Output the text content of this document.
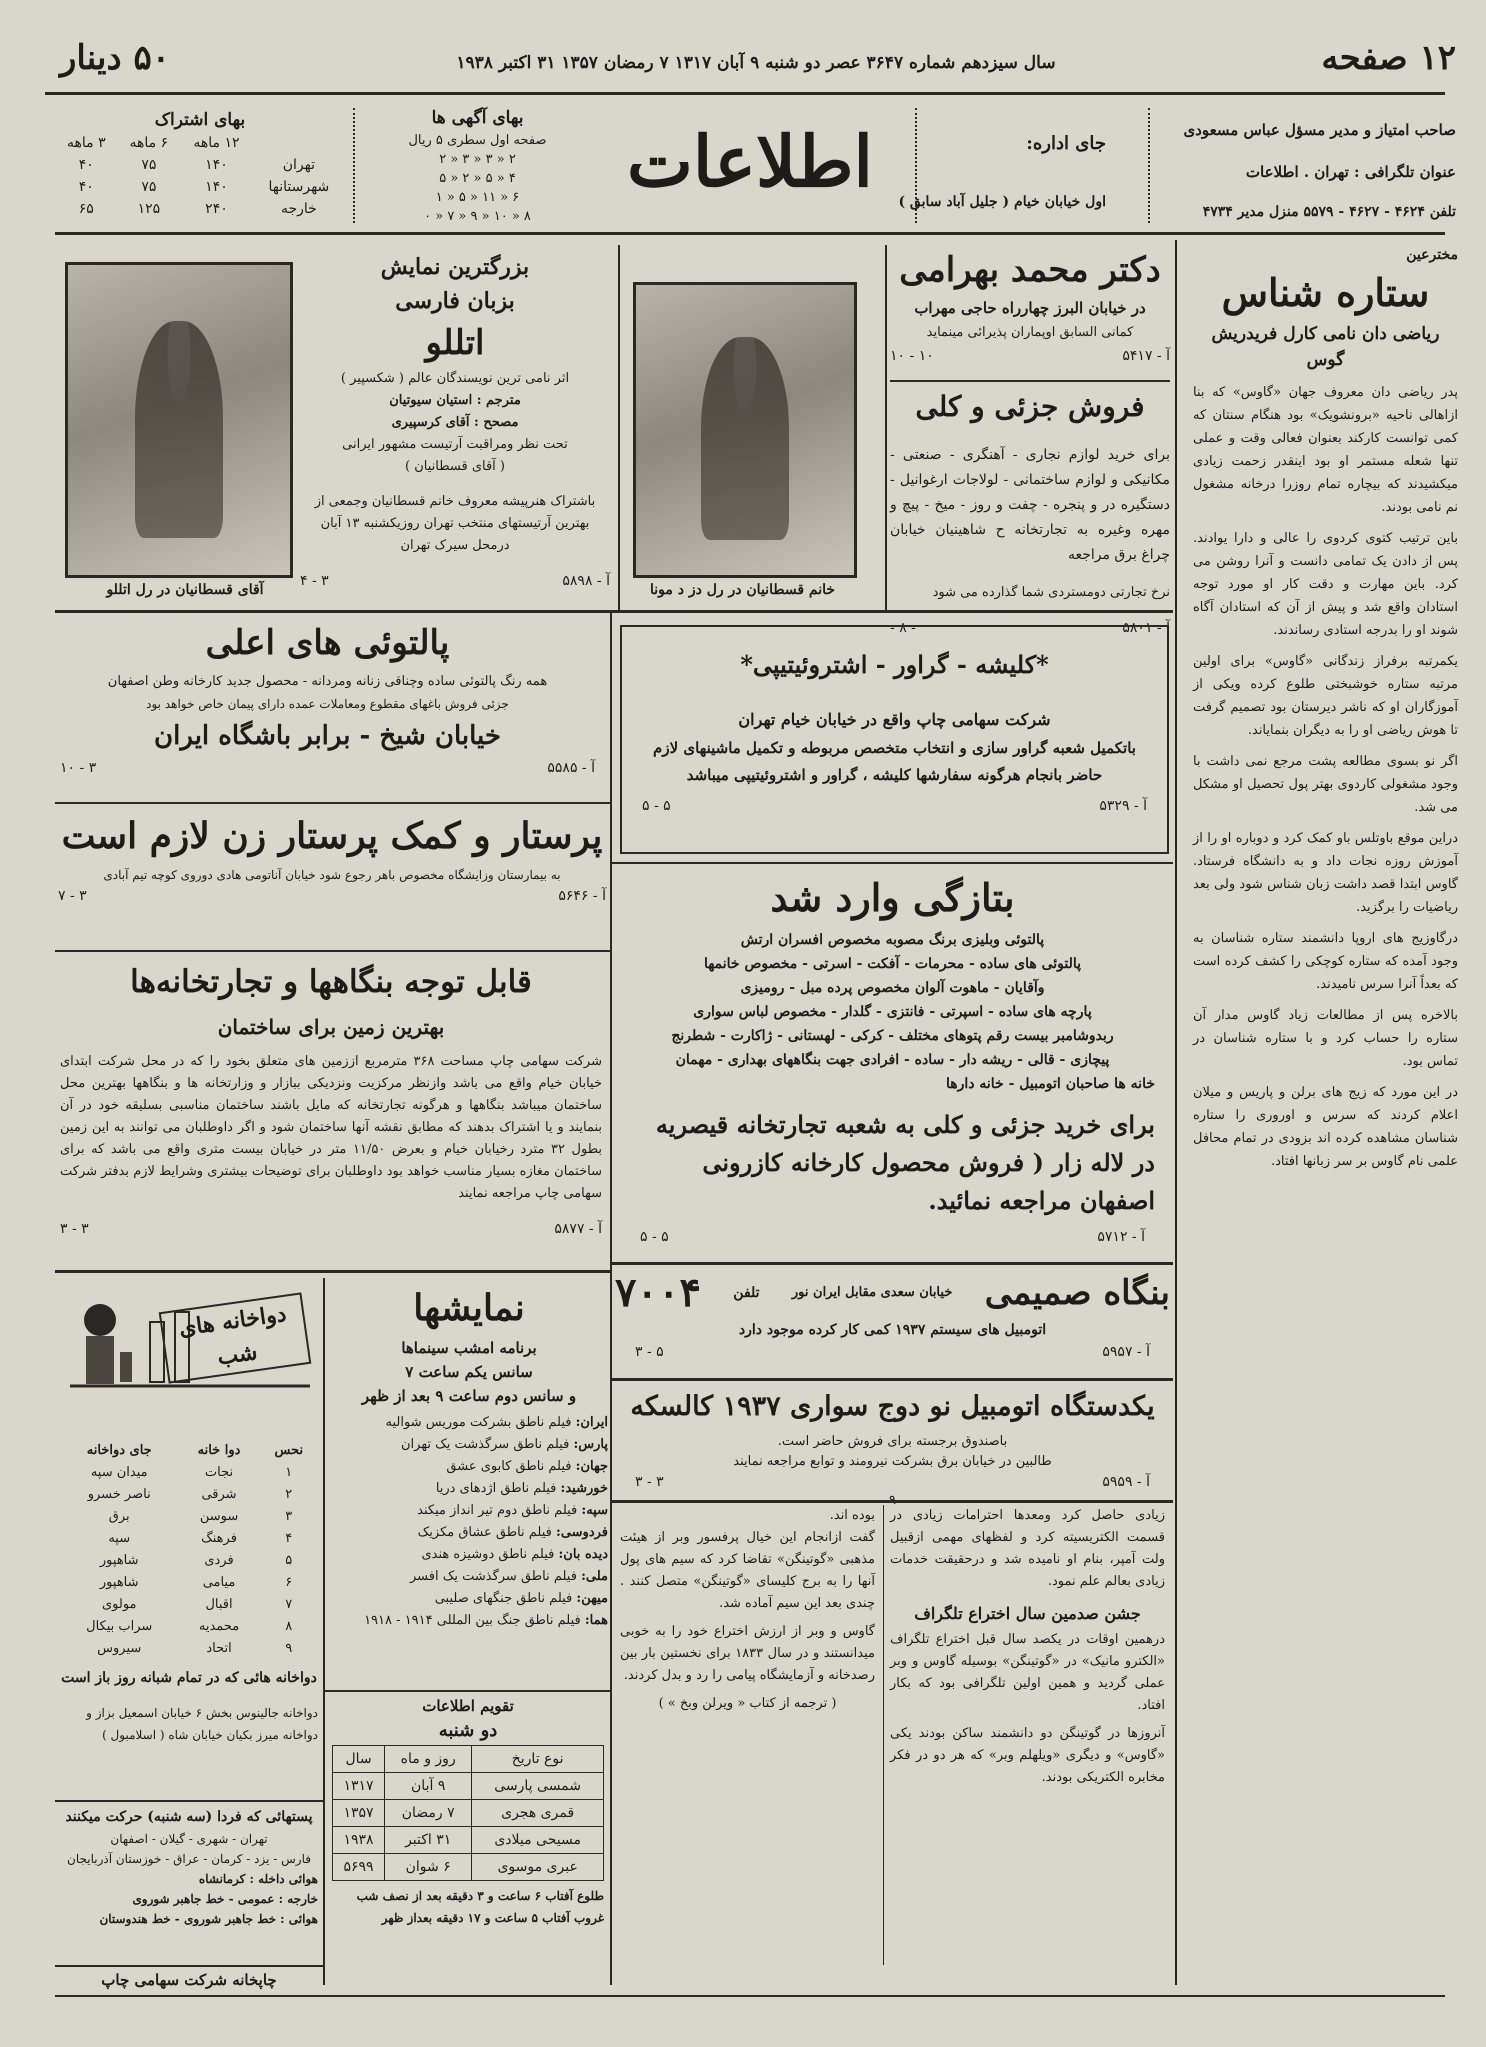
۱۲ صفحه
سال سیزدهم شماره ۳۶۴۷ عصر دو شنبه ۹ آبان ۱۳۱۷ ۷ رمضان ۱۳۵۷ ۳۱ اکتبر ۱۹۳۸
۵۰ دینار
صاحب امتیاز و مدیر مسؤل عباس مسعودی
عنوان تلگرافی : تهران . اطلاعات
تلفن ۴۶۲۴ - ۴۶۲۷ - ۵۵۷۹ منزل مدیر ۴۷۳۴
جای اداره:
اول خیابان خیام ( جلیل آباد سابق )
اطلاعات
بهای آگهی ها
صفحه اول سطری ۵ ریال
۲ « ۳ « ۳ « ۲
۴ « ۵ « ۲ « ۵
۶ « ۱۱ « ۵ « ۱
۸ « ۱۰ « ۹ « ۷ « ۰
بهای اشتراک
	۱۲ ماهه	۶ ماهه	۳ ماهه
تهران	۱۴۰	۷۵	۴۰
شهرستانها	۱۴۰	۷۵	۴۰
خارجه	۲۴۰	۱۲۵	۶۵
مخترعین
ستاره شناس
ریاضی دان نامی کارل فریدریش گوس

پدر ریاضی دان معروف جهان «گاوس» که بنا ازاهالی ناحیه «برونشویک» بود هنگام سنتان که کمی توانست کارکند بعنوان فعالی وقت و عملی تنها شعله مستمر او بود اینقدر زحمت زیادی میکشیدند که بیچاره تمام روزرا درخانه مشغول نم نامی بودند.

باین ترتیب کتوی کردوی را عالی و دارا یوادند. پس از دادن یک تمامی دانست و آنرا روشن می کرد. باین مهارت و دقت کار او مورد توجه استادان واقع شد و پیش از آن که استادان آگاه شوند او را بدرجه استادی رساندند.

یکمرتبه برفراز زندگانی «گاوس» برای اولین مرتبه ستاره خوشبختی طلوع کرده ویکی از آموزگاران او که ناشر دیرستان بود تصمیم گرفت تا هوش ریاضی او را به دیگران بنمایاند.

اگر نو بسوی مطالعه پشت مرجع نمی داشت با وجود مشغولی کاردوی بهتر پول تحصیل او مشکل می شد.

دراین موقع باوتلس باو کمک کرد و دوباره او را از آموزش روزه نجات داد و به دانشگاه فرستاد. گاوس ابتدا قصد داشت زبان شناس شود ولی بعد ریاضیات را برگزید.

درگاوزیج های اروپا دانشمند ستاره شناسان به وجود آمده که ستاره کوچکی را کشف کرده است که بعداً آنرا سرس نامیدند.

بالاخره پس از مطالعات زیاد گاوس مدار آن ستاره را حساب کرد و با ستاره شناسان در تماس بود.

در این مورد که زیج های برلن و پاریس و میلان اعلام کردند که سرس و اوروری را ستاره شناسان مشاهده کرده اند بزودی در تمام محافل علمی نام گاوس بر سر زبانها افتاد.

دکتر محمد بهرامی
در خیابان البرز چهارراه حاجی مهراب
کمانی السابق اوپماران پذیرائی مینماید
آ - ۵۴۱۷
۱۰ - ۱۰
فروش جزئی و کلی

برای خرید لوازم نجاری - آهنگری - صنعتی - مکانیکی و لوازم ساختمانی - لولاجات ارغوانیل - دستگیره در و پنجره - چفت و روز - میخ - پیچ و مهره وغیره به تجارتخانه ح شاهینیان خیابان چراغ برق مراجعه

نرخ تجارتی دومستردی شما گذارده می شود

آ - ۵۸۰۱
- ۸ -
خانم قسطانیان در رل دز د مونا
بزرگترین نمایش
بزبان فارسی
اتللو
اثر نامی ترین نویسندگان عالم ( شکسپیر )
مترجم : استیان سیوتیان
مصحح : آقای کرسپیری
تحت نظر ومراقبت آرتیست مشهور ایرانی
( آقای قسطانیان )

باشتراک هنرپیشه معروف خانم قسطانیان وجمعی از بهترین آرتیستهای منتخب تهران روزیکشنبه ۱۳ آبان درمحل سیرک تهران

آ - ۵۸۹۸
۳ - ۴
آقای قسطانیان در رل اتللو
پالتوئی های اعلی
همه رنگ پالتوئی ساده وچناقی زنانه ومردانه - محصول جدید کارخانه وطن اصفهان
جزئی فروش باغهای مقطوع ومعاملات عمده دارای پیمان خاص خواهد بود
خیابان شیخ - برابر باشگاه ایران
آ - ۵۵۸۵
۳ - ۱۰
*کلیشه - گراور - اشتروئیتیپی*
شرکت سهامی چاپ واقع در خیابان خیام تهران

باتکمیل شعبه گراور سازی و انتخاب متخصص مربوطه و تکمیل ماشینهای لازم حاضر بانجام هرگونه سفارشها کلیشه ، گراور و اشتروئیتیپی میباشد

آ - ۵۳۲۹
۵ - ۵
پرستار و کمک پرستار زن لازم است
به بیمارستان وزایشگاه مخصوص باهر رجوع شود خیابان آناتومی هادی دوروی کوچه تیم آبادی
آ - ۵۶۴۶
۳ - ۷
قابل توجه بنگاهها و تجارتخانه‌ها
بهترین زمین برای ساختمان

شرکت سهامی چاپ مساحت ۳۶۸ مترمربع اززمین های متعلق بخود را که در محل شرکت ابتدای خیابان خیام واقع می باشد وازنظر مرکزیت ونزدیکی ببازار و وزارتخانه ها و بنگاهها بهترین محل ساختمان میباشد بنگاهها و هرگونه تجارتخانه که مایل باشند ساختمان مناسبی بسلیقه خود در آن بنمایند و یا اشتراک بدهند که مطابق نقشه آنها ساختمان شود و اگر داوطلبان می توانند به این زمین بطول ۳۲ مترد رخیابان خیام و بعرض ۱۱/۵۰ متر در خیابان بیست متری واقع می باشد که برای ساختمان مغازه بسیار مناسب خواهد بود داوطلبان برای توضیحات بیشتری وشرایط لازم بدفتر شرکت سهامی چاپ مراجعه نمایند

آ - ۵۸۷۷
۳ - ۳
بتازگی وارد شد
پالتوئی وبلیزی برنگ مصوبه مخصوص افسران ارتش
پالتوئی های ساده - محرمات - آفکت - اسرتی - مخصوص خانمها
وآقایان - ماهوت آلوان مخصوص پرده مبل - رومیزی
پارچه های ساده - اسپرتی - فانتزی - گلدار - مخصوص لباس سواری
ربدوشامبر بیست رقم پتوهای مختلف - کرکی - لهستانی - ژاکارت - شطرنج
پیچازی - قالی - ریشه دار - ساده - افرادی جهت بنگاههای بهداری - مهمان
خانه ها صاحبان اتومبیل - خانه دارها

برای خرید جزئی و کلی به شعبه تجارتخانه قیصریه در لاله زار ( فروش محصول کارخانه کازرونی اصفهان مراجعه نمائید.

آ - ۵۷۱۲
۵ - ۵
بنگاه صمیمی
خیابان سعدی مقابل ایران نور
تلفن
۷۰۰۴
اتومبیل های سیستم ۱۹۳۷ کمی کار کرده موجود دارد
آ - ۵۹۵۷
۵ - ۳
یکدستگاه اتومبیل نو دوج سواری ۱۹۳۷ کالسکه
باصندوق برجسته برای فروش حاضر است.
طالبین در خیابان برق بشرکت نیرومند و توابع مراجعه نمایند
آ - ۵۹۵۹
۳ - ۳

زیادی حاصل کرد ومعدها احترامات زیادی در قسمت الکتریسیته کرد و لفظهای مهمی ازقبیل ولت آمپر، بنام او نامیده شد و درحقیقت خدمات زیادی بعالم علم نمود.

جشن صدمین سال اختراع تلگراف

درهمین اوقات در یکصد سال قبل اختراع تلگراف «الکترو مانیک» در «گوتینگن» بوسیله گاوس و وبر عملی گردید و همین اولین تلگرافی بود که بکار افتاد.

آنروزها در گوتینگن دو دانشمند ساکن بودند یکی «گاوس» و دیگری «ویلهلم وبر» که هر دو در فکر مخابره الکتریکی بودند.

بوده اند.

گفت ازانجام این خیال پرفسور وبر از هیئت مذهبی «گوتینگن» تقاضا کرد که سیم های پول آنها را به برج کلیسای «گوتینگن» متصل کنند . چندی بعد این سیم آماده شد.

گاوس و وبر از ارزش اختراع خود را به خوبی میدانستند و در سال ۱۸۳۳ برای نخستین بار بین رصدخانه و آزمایشگاه پیامی را رد و بدل کردند.

( ترجمه از کتاب « ویرلن وبخ » )

نمایشها
برنامه امشب سینماها
سانس یکم ساعت ۷
و سانس دوم ساعت ۹ بعد از ظهر
ایران: فیلم ناطق بشرکت موریس شوالیه
پارس: فیلم ناطق سرگذشت یک تهران
جهان: فیلم ناطق کابوی عشق
خورشید: فیلم ناطق اژدهای دریا
سپه: فیلم ناطق دوم تیر انداز میکند
فردوسی: فیلم ناطق عشاق مکزیک
دیده بان: فیلم ناطق دوشیزه هندی
ملی: فیلم ناطق سرگذشت یک افسر
میهن: فیلم ناطق جنگهای صلیبی
هما: فیلم ناطق جنگ بین المللی ۱۹۱۴ - ۱۹۱۸
تقویم اطلاعات
دو شنبه
نوع تاریخ	روز و ماه	سال
شمسی پارسی	۹ آبان	۱۳۱۷
قمری هجری	۷ رمضان	۱۳۵۷
مسیحی میلادی	۳۱ اکتبر	۱۹۳۸
عبری موسوی	۶ شوان	۵۶۹۹
طلوع آفتاب ۶ ساعت و ۳ دقیقه بعد از نصف شب
غروب آفتاب ۵ ساعت و ۱۷ دقیقه بعداز ظهر
دواخانه های شب
نحس	دوا خانه	جای دواخانه
۱	نجات	میدان سپه
۲	شرقی	ناصر خسرو
۳	سوسن	برق
۴	فرهنگ	سپه
۵	فردی	شاهپور
۶	میامی	شاهپور
۷	اقبال	مولوی
۸	محمدیه	سراب بیکال
۹	اتحاد	سیروس
دواخانه هائی که در تمام شبانه روز باز است

دواخانه جالینوس بخش ۶ خیابان اسمعیل بزاز و دواخانه میرز بکیان خیابان شاه ( اسلامبول )

پستهائی که فردا (سه شنبه) حرکت میکنند
تهران - شهری - گیلان - اصفهان
فارس - یزد - کرمان - عراق - خوزستان آذربایجان
هوائی داخله : کرمانشاه
خارجه : عمومی - خط جاهبر شوروی
هوائی : خط جاهبر شوروی - خط هندوستان
چاپخانه شرکت سهامی چاپ
